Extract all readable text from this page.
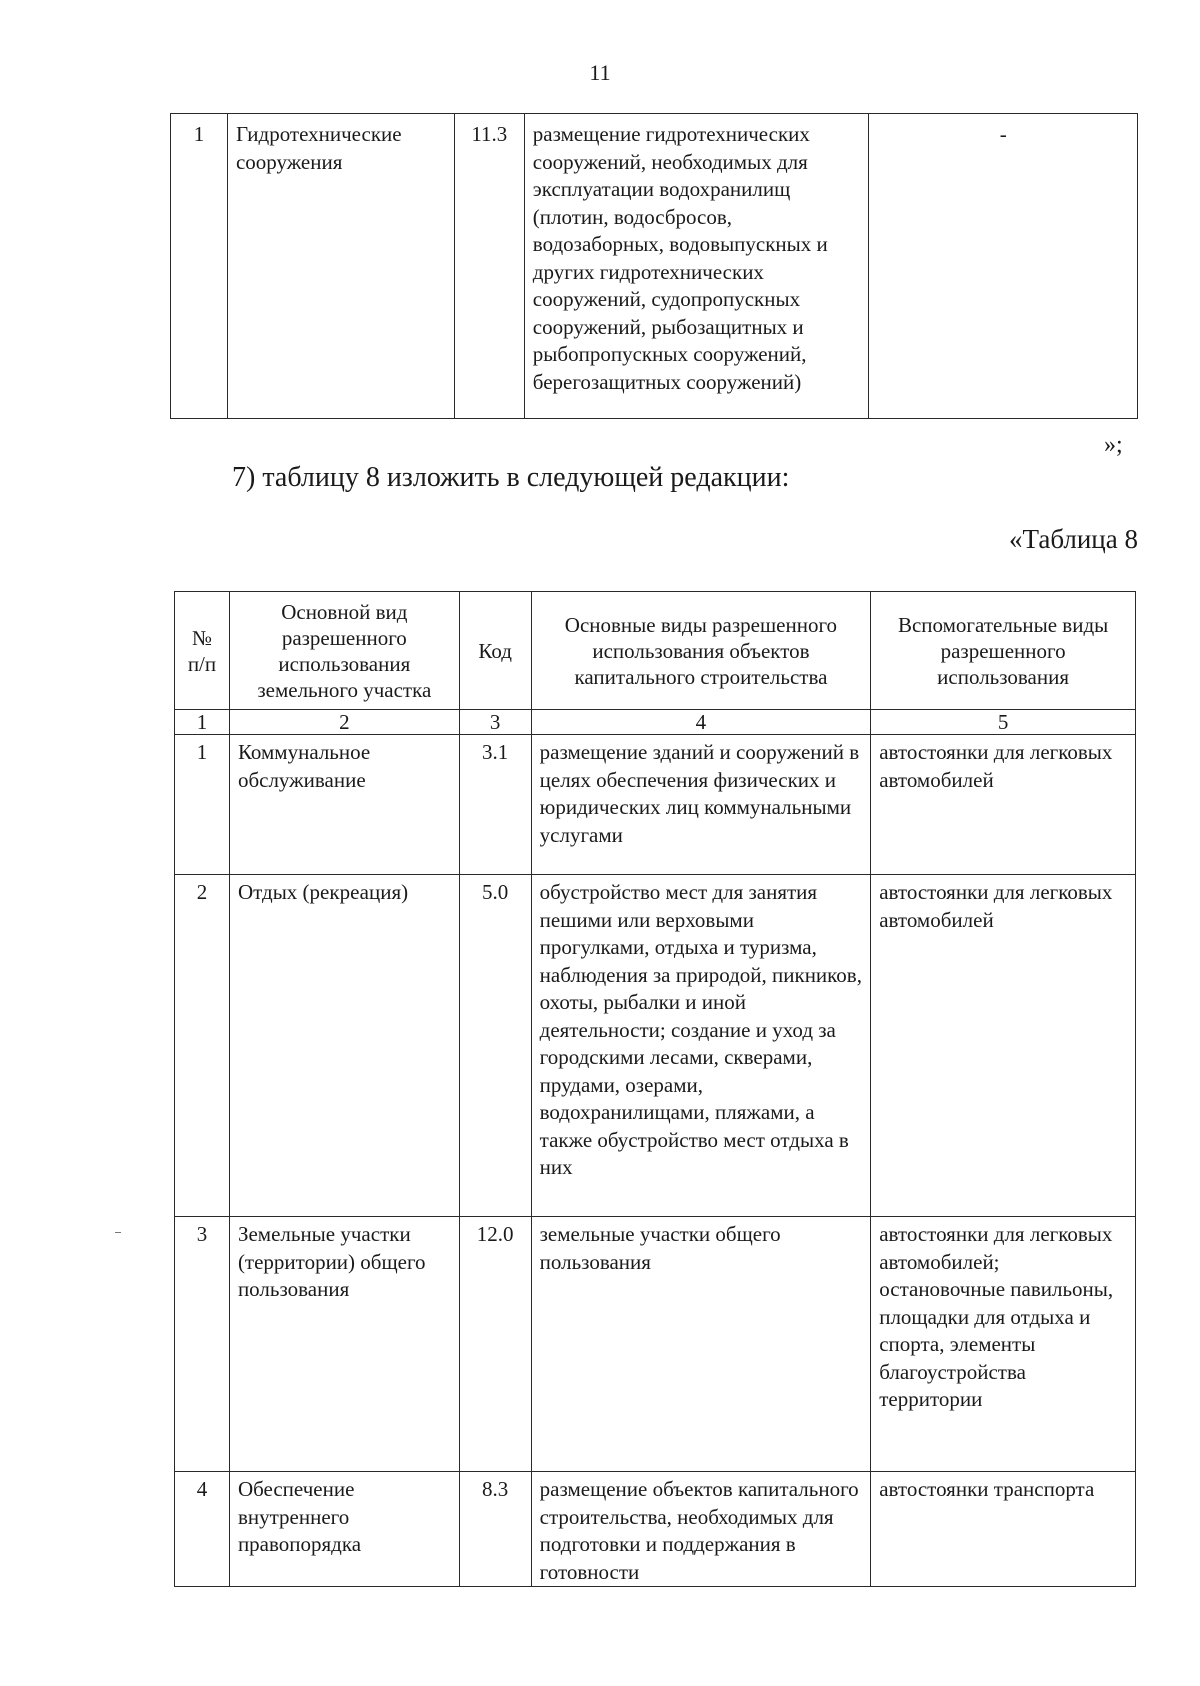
11
1	Гидротехнические сооружения	11.3	размещение гидротехнических сооружений, необходимых для эксплуатации водохранилищ (плотин, водосбросов, водозаборных, водовыпускных и других гидротехнических сооружений, судопропускных сооружений, рыбозащитных и рыбопропускных сооружений, берегозащитных сооружений)	-
»;
7) таблицу 8 изложить в следующей редакции:
«Таблица 8
№ п/п	Основной вид разрешенного использования земельного участка	Код	Основные виды разрешенного использования объектов капитального строительства	Вспомогательные виды разрешенного использования
1	2	3	4	5
1	Коммунальное обслуживание	3.1	размещение зданий и сооружений в целях обеспечения физических и юридических лиц коммунальными услугами	автостоянки для легковых автомобилей
2	Отдых (рекреация)	5.0	обустройство мест для занятия пешими или верховыми прогулками, отдыха и туризма, наблюдения за природой, пикников, охоты, рыбалки и иной деятельности; создание и уход за городскими лесами, скверами, прудами, озерами, водохранилищами, пляжами, а также обустройство мест отдыха в них	автостоянки для легковых автомобилей
3	Земельные участки (территории) общего пользования	12.0	земельные участки общего пользования	автостоянки для легковых автомобилей; остановочные павильоны, площадки для отдыха и спорта, элементы благоустройства территории
4	Обеспечение внутреннего правопорядка	8.3	размещение объектов капитального строительства, необходимых для подготовки и поддержания в готовности	автостоянки транспорта
